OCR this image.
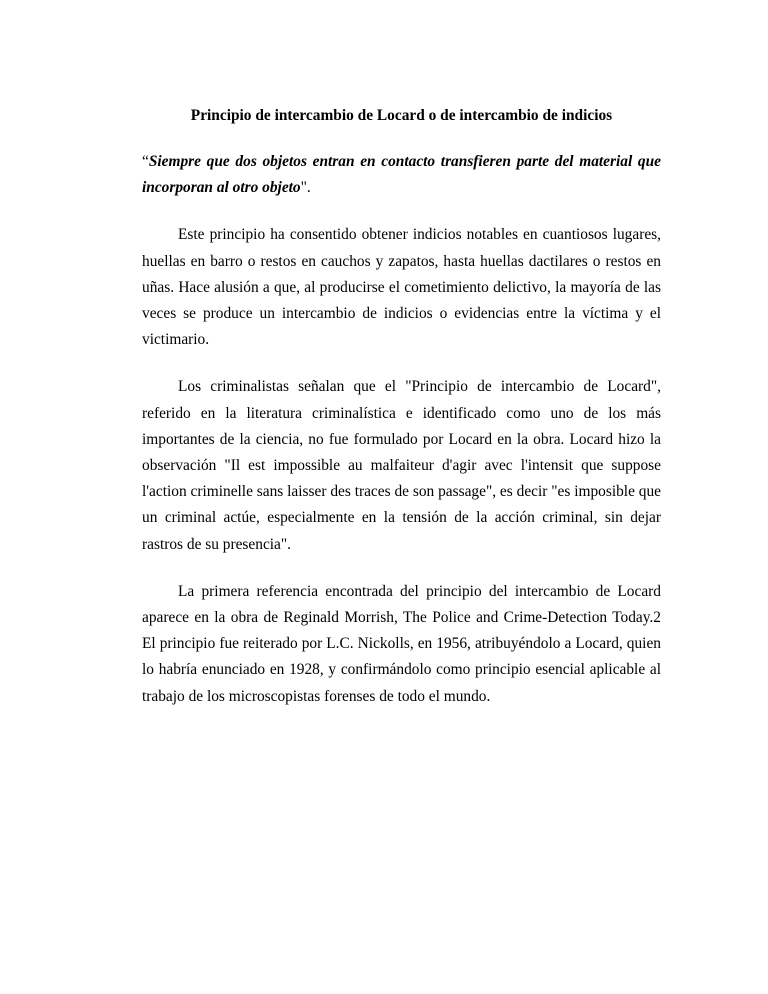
Principio de intercambio de Locard o de intercambio de indicios

“Siempre que dos objetos entran en contacto transfieren parte del material que incorporan al otro objeto".

Este principio ha consentido obtener indicios notables en cuantiosos lugares, huellas en barro o restos en cauchos y zapatos, hasta huellas dactilares o restos en uñas. Hace alusión a que, al producirse el cometimiento delictivo, la mayoría de las veces se produce un intercambio de indicios o evidencias entre la víctima y el victimario.

Los criminalistas señalan que el "Principio de intercambio de Locard", referido en la literatura criminalística e identificado como uno de los más importantes de la ciencia, no fue formulado por Locard en la obra. Locard hizo la observación "Il est impossible au malfaiteur d'agir avec l'intensit que suppose l'action criminelle sans laisser des traces de son passage", es decir "es imposible que un criminal actúe, especialmente en la tensión de la acción criminal, sin dejar rastros de su presencia".

La primera referencia encontrada del principio del intercambio de Locard aparece en la obra de Reginald Morrish, The Police and Crime-Detection Today.2 El principio fue reiterado por L.C. Nickolls, en 1956, atribuyéndolo a Locard, quien lo habría enunciado en 1928, y confirmándolo como principio esencial aplicable al trabajo de los microscopistas forenses de todo el mundo.
